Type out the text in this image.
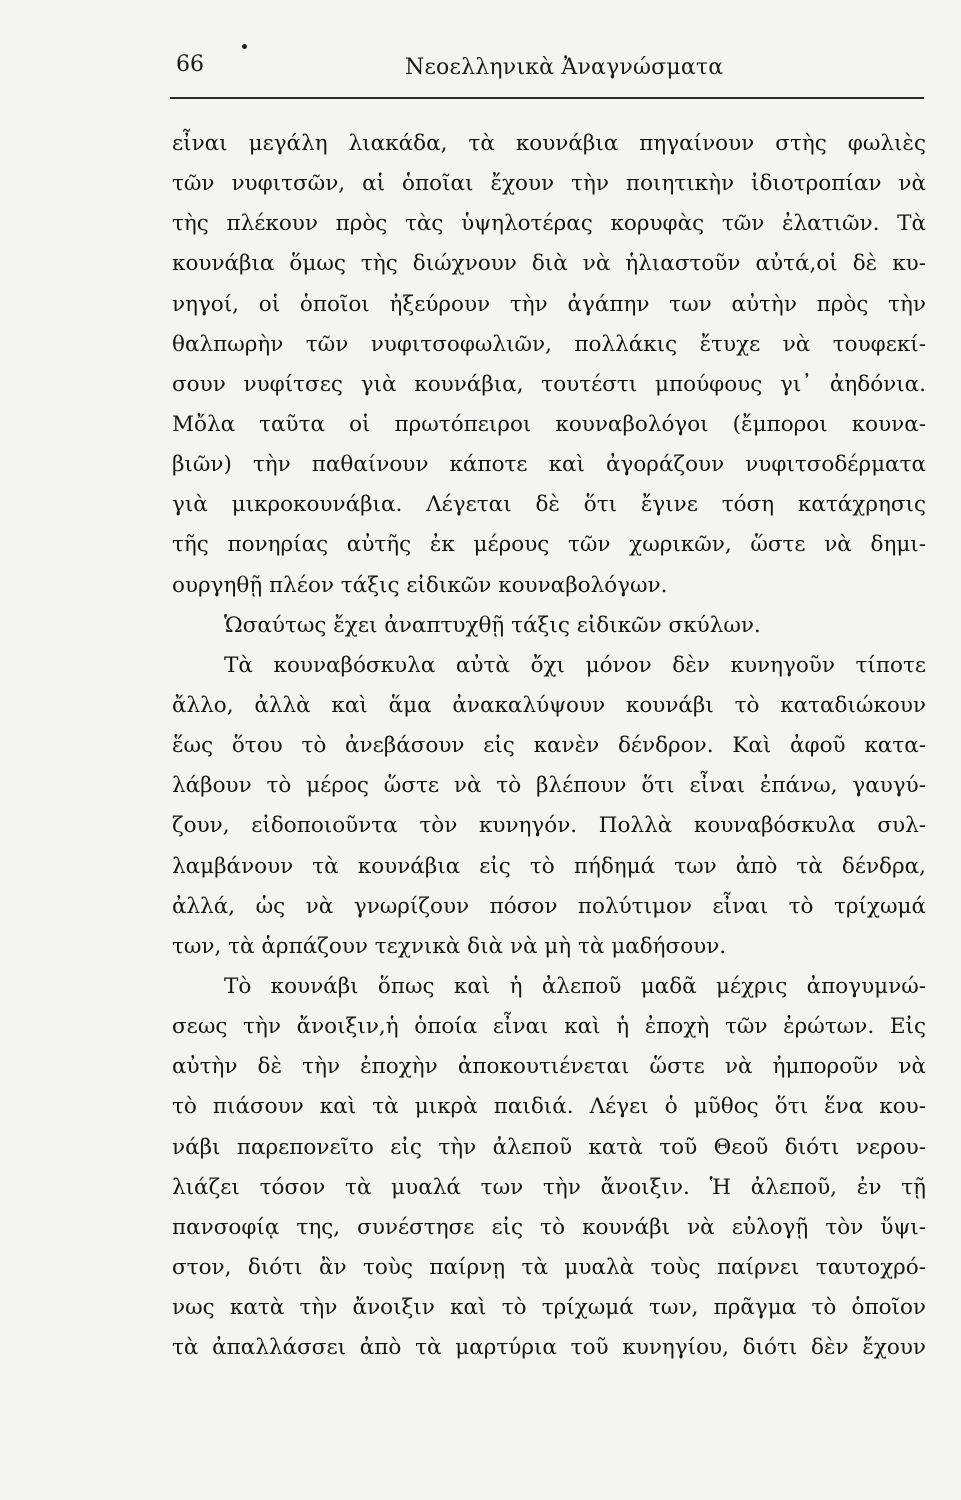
66	Νεοελληνικὰ Ἀναγνώσματα
εἶναι μεγάλη λιακάδα, τὰ κουνάβια πηγαίνουν στὴς φωλιὲς
τῶν νυφιτσῶν, αἱ ὁποῖαι ἔχουν τὴν ποιητικὴν ἰδιοτροπίαν νὰ
τὴς πλέκουν πρὸς τὰς ὑψηλοτέρας κορυφὰς τῶν ἐλατιῶν. Τὰ
κουνάβια ὅμως τὴς διώχνουν διὰ νὰ ἡλιαστοῦν αὐτά,οἱ δὲ κυ-
νηγοί, οἱ ὁποῖοι ἠξεύρουν τὴν ἀγάπην των αὐτὴν πρὸς τὴν
θαλπωρὴν τῶν νυφιτσοφωλιῶν, πολλάκις ἔτυχε νὰ τουφεκί-
σουν νυφίτσες γιὰ κουνάβια, τουτέστι μπούφους γι᾽ ἀηδόνια.
Μὄλα ταῦτα οἱ πρωτόπειροι κουναβολόγοι (ἔμποροι κουνα-
βιῶν) τὴν παθαίνουν κάποτε καὶ ἀγοράζουν νυφιτσοδέρματα
γιὰ μικροκουνάβια. Λέγεται δὲ ὅτι ἔγινε τόση κατάχρησις
τῆς πονηρίας αὐτῆς ἐκ μέρους τῶν χωρικῶν, ὥστε νὰ δημι-
ουργηθῇ πλέον τάξις εἰδικῶν κουναβολόγων.
Ὡσαύτως ἔχει ἀναπτυχθῇ τάξις εἰδικῶν σκύλων.
Τὰ κουναβόσκυλα αὐτὰ ὄχι μόνον δὲν κυνηγοῦν τίποτε
ἄλλο, ἀλλὰ καὶ ἅμα ἀνακαλύψουν κουνάβι τὸ καταδιώκουν
ἕως ὅτου τὸ ἀνεβάσουν εἰς κανὲν δένδρον. Καὶ ἀφοῦ κατα-
λάβουν τὸ μέρος ὥστε νὰ τὸ βλέπουν ὅτι εἶναι ἐπάνω, γαυγύ-
ζουν, εἰδοποιοῦντα τὸν κυνηγόν. Πολλὰ κουναβόσκυλα συλ-
λαμβάνουν τὰ κουνάβια εἰς τὸ πήδημά των ἀπὸ τὰ δένδρα,
ἀλλά, ὡς νὰ γνωρίζουν πόσον πολύτιμον εἶναι τὸ τρίχωμά
των, τὰ ἁρπάζουν τεχνικὰ διὰ νὰ μὴ τὰ μαδήσουν.
Τὸ κουνάβι ὅπως καὶ ἡ ἀλεποῦ μαδᾶ μέχρις ἀπογυμνώ-
σεως τὴν ἄνοιξιν,ἡ ὁποία εἶναι καὶ ἡ ἐποχὴ τῶν ἐρώτων. Εἰς
αὐτὴν δὲ τὴν ἐποχὴν ἀποκουτιένεται ὥστε νὰ ἠμποροῦν νὰ
τὸ πιάσουν καὶ τὰ μικρὰ παιδιά. Λέγει ὁ μῦθος ὅτι ἕνα κου-
νάβι παρεπονεῖτο εἰς τὴν ἀλεποῦ κατὰ τοῦ Θεοῦ διότι νερου-
λιάζει τόσον τὰ μυαλά των τὴν ἄνοιξιν. Ἡ ἀλεποῦ, ἐν τῇ
πανσοφίᾳ της, συνέστησε εἰς τὸ κουνάβι νὰ εὐλογῇ τὸν ὕψι-
στον, διότι ἂν τοὺς παίρνῃ τὰ μυαλὰ τοὺς παίρνει ταυτοχρό-
νως κατὰ τὴν ἄνοιξιν καὶ τὸ τρίχωμά των, πρᾶγμα τὸ ὁποῖον
τὰ ἀπαλλάσσει ἀπὸ τὰ μαρτύρια τοῦ κυνηγίου, διότι δὲν ἔχουν
